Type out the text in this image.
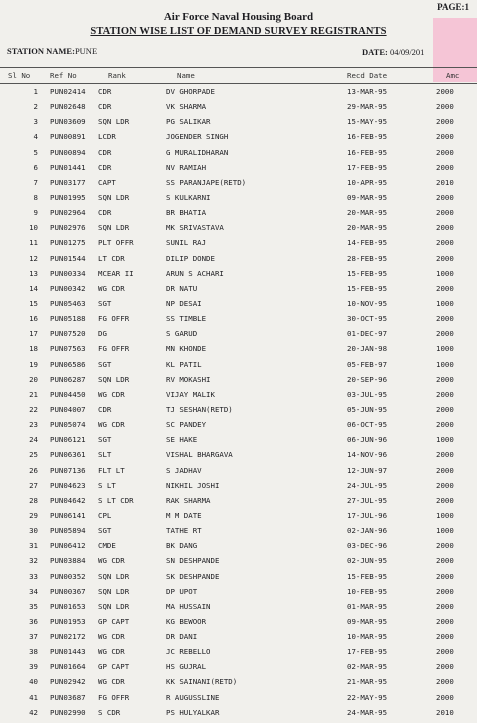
PAGE:1
Air Force Naval Housing Board
STATION WISE LIST OF DEMAND SURVEY REGISTRANTS
STATION NAME:PUNE	DATE: 04/09/201
Sl No	Ref No	Rank	Name	Recd Date	Amc
1 PUN02414 CDR	DV GHORPADE	13-MAR-95	2000
2 PUN02648 CDR	VK SHARMA	29-MAR-95	2000
3 PUN03609 SQN LDR	PG SALIKAR	15-MAY-95	2000
4 PUN00891 LCDR	JOGENDER SINGH	16-FEB-95	2000
5 PUN00894 CDR	G MURALIDHARAN	16-FEB-95	2000
6 PUN01441 CDR	NV RAMIAH	17-FEB-95	2000
7 PUN03177 CAPT	SS PARANJAPE(RETD)	10-APR-95	2010
8 PUN01995 SQN LDR	S KULKARNI	09-MAR-95	2000
9 PUN02964 CDR	BR BHATIA	20-MAR-95	2000
10 PUN02976 SQN LDR	MK SRIVASTAVA	20-MAR-95	2000
11 PUN01275 PLT OFFR	SUNIL RAJ	14-FEB-95	2000
12 PUN01544 LT CDR	DILIP DONDE	28-FEB-95	2000
13 PUN00334 MCEAR II	ARUN S ACHARI	15-FEB-95	1000
14 PUN00342 WG CDR	DR NATU	15-FEB-95	2000
15 PUN05463 SGT	NP DESAI	10-NOV-95	1000
16 PUN05188 FG OFFR	SS TIMBLE	30-OCT-95	2000
17 PUN07520 DG	S GARUD	01-DEC-97	2000
18 PUN07563 FG OFFR	MN KHONDE	20-JAN-98	1000
19 PUN06586 SGT	KL PATIL	05-FEB-97	1000
20 PUN06287 SQN LDR	RV MOKASHI	20-SEP-96	2000
21 PUN04450 WG CDR	VIJAY MALIK	03-JUL-95	2000
22 PUN04007 CDR	TJ SESHAN(RETD)	05-JUN-95	2000
23 PUN05074 WG CDR	SC PANDEY	06-OCT-95	2000
24 PUN06121 SGT	SE HAKE	06-JUN-96	1000
25 PUN06361 SLT	VISHAL BHARGAVA	14-NOV-96	2000
26 PUN07136 FLT LT	S JADHAV	12-JUN-97	2000
27 PUN04623 S LT	NIKHIL JOSHI	24-JUL-95	2000
28 PUN04642 S LT CDR	RAK SHARMA	27-JUL-95	2000
29 PUN06141 CPL	M M DATE	17-JUL-96	1000
30 PUN05894 SGT	TATHE RT	02-JAN-96	1000
31 PUN06412 CMDE	BK DANG	03-DEC-96	2000
32 PUN03884 WG CDR	SN DESHPANDE	02-JUN-95	2000
33 PUN00352 SQN LDR	SK DESHPANDE	15-FEB-95	2000
34 PUN00367 SQN LDR	DP UPOT	10-FEB-95	2000
35 PUN01653 SQN LDR	MA HUSSAIN	01-MAR-95	2000
36 PUN01953 GP CAPT	KG BEWOOR	09-MAR-95	2000
37 PUN02172 WG CDR	DR DANI	10-MAR-95	2000
38 PUN01443 WG CDR	JC REBELLO	17-FEB-95	2000
39 PUN01664 GP CAPT	HS GUJRAL	02-MAR-95	2000
40 PUN02942 WG CDR	KK SAINANI(RETD)	21-MAR-95	2000
41 PUN03687 FG OFFR	R AUGUSSLINE	22-MAY-95	2000
42 PUN02990 S CDR	PS HULYALKAR	24-MAR-95	2010
